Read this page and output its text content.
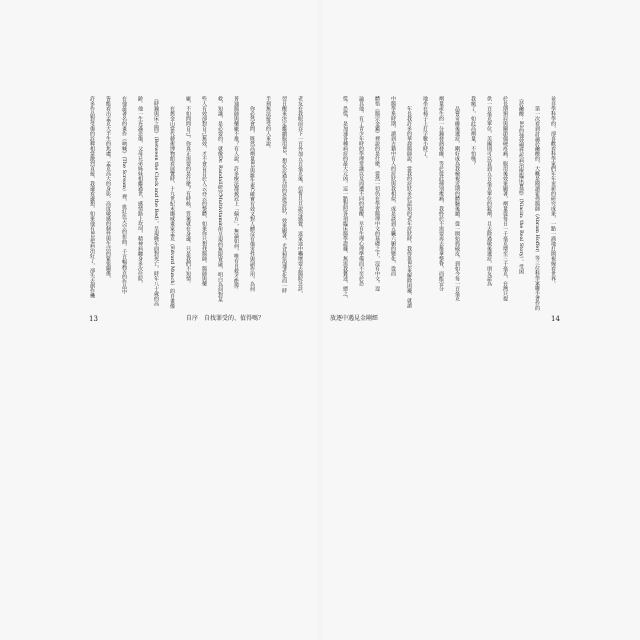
老友在我眼前吞下一百外加五百毫克後，信誓旦旦說沒感覺，返家途中嚇壞要去醫院急診，
翌日醒來決定繼續服用B3，想必忍過先前的恐慌症狀，效果顯著，尤其對迅速老化而一時
半刻無法接受的人來說。
你必然會問，既然高劑量B3與維生素C確實有效又對人體沒有傷害性與副作用，為何
普通醫師與藥廠不推？有人說，許多療法都被冠上「偏方」，無論如何，唯有自救才能得
救，知識，是必要的，就像Dr. Randall研究Multivitamin所呈現的無限寬廣，明白為何對某
些人有效卻對自己無效，才不會盲目於人云亦云的整體，如果你只想找醫師，醫師與藥
廠，不如問問自己，你真正需要的是什麼？有時候，答案就在身邊，只是我們不知情。
在舊金山當代藝術博物館看展覽時，十九世紀末挪威畫家孟克（Edvard Munch）的自畫像
《時鐘與床之間》（Between the Clock and the Bed），呈現晚年面對死亡，時年八十歲的高
齡。他一生充滿悲傷，父母兄弟姊妹相繼過世，感情路上坎坷，精神病纏身多次住院，
在他最著名的畫作《吶喊》（The Scream）裡，血紅色天空的扭曲，千百幅痛苦的作品中
皆能看出孟克大半生的焦慮，孟克高大的身影，高度敏感的個性與生活的緊張關係，
許多作品對受傷的詮釋相當激烈直接，我邊看邊想，如果他有B3把病治好了，卻失去創作機
13	自序 自找罪受的、值得嗎？
並非學科學的，卻喜歡看科學家們年年更新的研究成果，一點一滴地打開視線看世界。
第一次看到討論菸鹼酸的，大概是閱讀霍弗醫師（Abram Hoffer）等三位科學家聯手著作的
《菸鹼酸：B3的強效慢性疾病治療臨床實證》（Niacin: the Real Story）。受困
於長期頸肩與關節僵硬疼痛，服用後效果顯著，劑量從每日一千毫克增至三千毫克，台灣只提
供一百毫克單位，美國則可以買到五百毫克單位的錠劑，且去除過敏後遺症，朋友認為
我瘋了，如此高劑量，不怕嗎？
品嘗奇癢後遺症，剛好成為我檢視近期的體驗後續，從一開始抓破皮，到如今每一百毫克
劑量產生的一分鐘發熱發癢，等於從此揮別痠痛，我終於不需要再去推拿整脊，而能安分
地坐在椅子上打字數小時了。
年長我許多的華裔醫師說，當我的症狀多於認知的老年症狀時，我得靠B3來解除困擾，就讀
中醫學系時期，讀到古籍中有人的症狀與我相似，或是談到五臟六腑的變化，從而
體悟《醫宗金鑑》裡說的是什麼，當然一切仍在學習醫理中文的基礎之下，沒有中文，遑
論其他，有了青少年時的學理常識以及周遭不同的提醒，早有生理心理準備而不至於恐
慌。恐慌，是加速各種病症的最大元凶，這一點對照各項臨床醫學證據，無需我贅述，總之，
放逐中遇見金剛經	14
